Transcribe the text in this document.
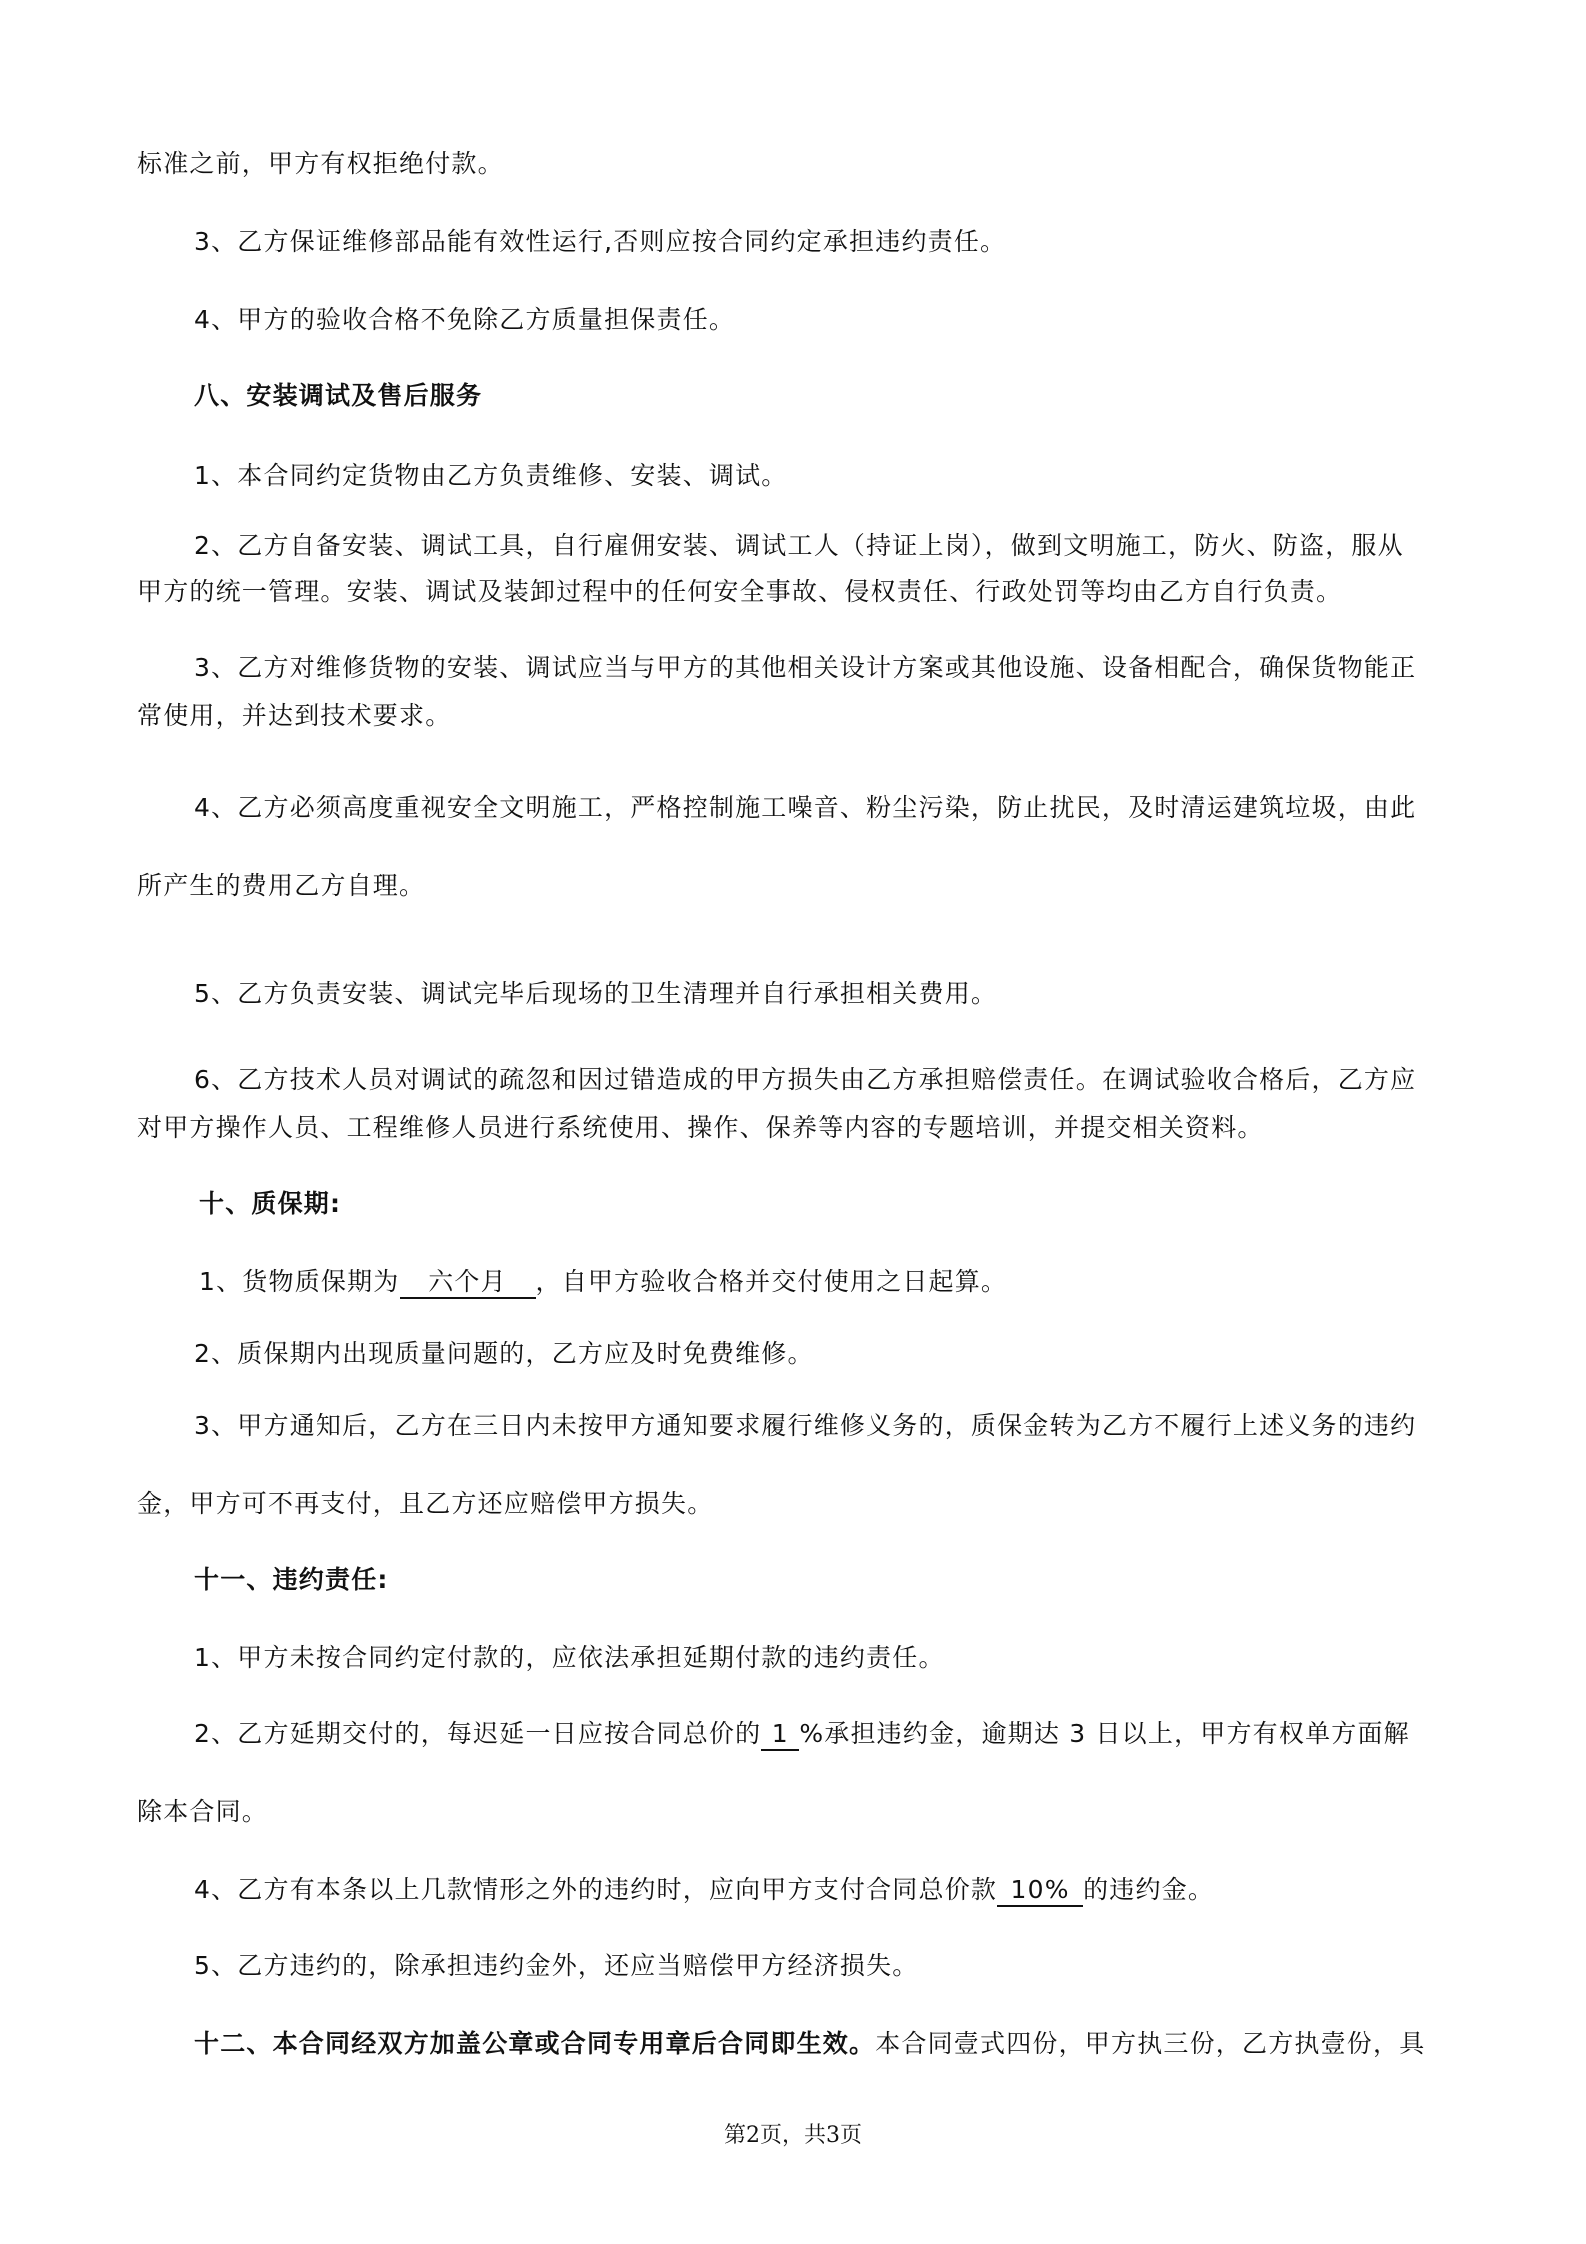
标准之前，甲方有权拒绝付款。
3、乙方保证维修部品能有效性运行,否则应按合同约定承担违约责任。
4、甲方的验收合格不免除乙方质量担保责任。
八、安装调试及售后服务
1、本合同约定货物由乙方负责维修、安装、调试。
2、乙方自备安装、调试工具，自行雇佣安装、调试工人（持证上岗），做到文明施工，防火、防盗，服从
甲方的统一管理。安装、调试及装卸过程中的任何安全事故、侵权责任、行政处罚等均由乙方自行负责。
3、乙方对维修货物的安装、调试应当与甲方的其他相关设计方案或其他设施、设备相配合，确保货物能正
常使用，并达到技术要求。
4、乙方必须高度重视安全文明施工，严格控制施工噪音、粉尘污染，防止扰民，及时清运建筑垃圾，由此
所产生的费用乙方自理。
5、乙方负责安装、调试完毕后现场的卫生清理并自行承担相关费用。
6、乙方技术人员对调试的疏忽和因过错造成的甲方损失由乙方承担赔偿责任。在调试验收合格后，乙方应
对甲方操作人员、工程维修人员进行系统使用、操作、保养等内容的专题培训，并提交相关资料。
十、质保期:
1、货物质保期为 六个月 ，自甲方验收合格并交付使用之日起算。
2、质保期内出现质量问题的，乙方应及时免费维修。
3、甲方通知后，乙方在三日内未按甲方通知要求履行维修义务的，质保金转为乙方不履行上述义务的违约
金，甲方可不再支付，且乙方还应赔偿甲方损失。
十一、违约责任:
1、甲方未按合同约定付款的，应依法承担延期付款的违约责任。
2、乙方延期交付的，每迟延一日应按合同总价的 1 %承担违约金，逾期达 3 日以上，甲方有权单方面解
除本合同。
4、乙方有本条以上几款情形之外的违约时，应向甲方支付合同总价款 10% 的违约金。
5、乙方违约的，除承担违约金外，还应当赔偿甲方经济损失。
十二、本合同经双方加盖公章或合同专用章后合同即生效。本合同壹式四份，甲方执三份，乙方执壹份，具
第2页，共3页
